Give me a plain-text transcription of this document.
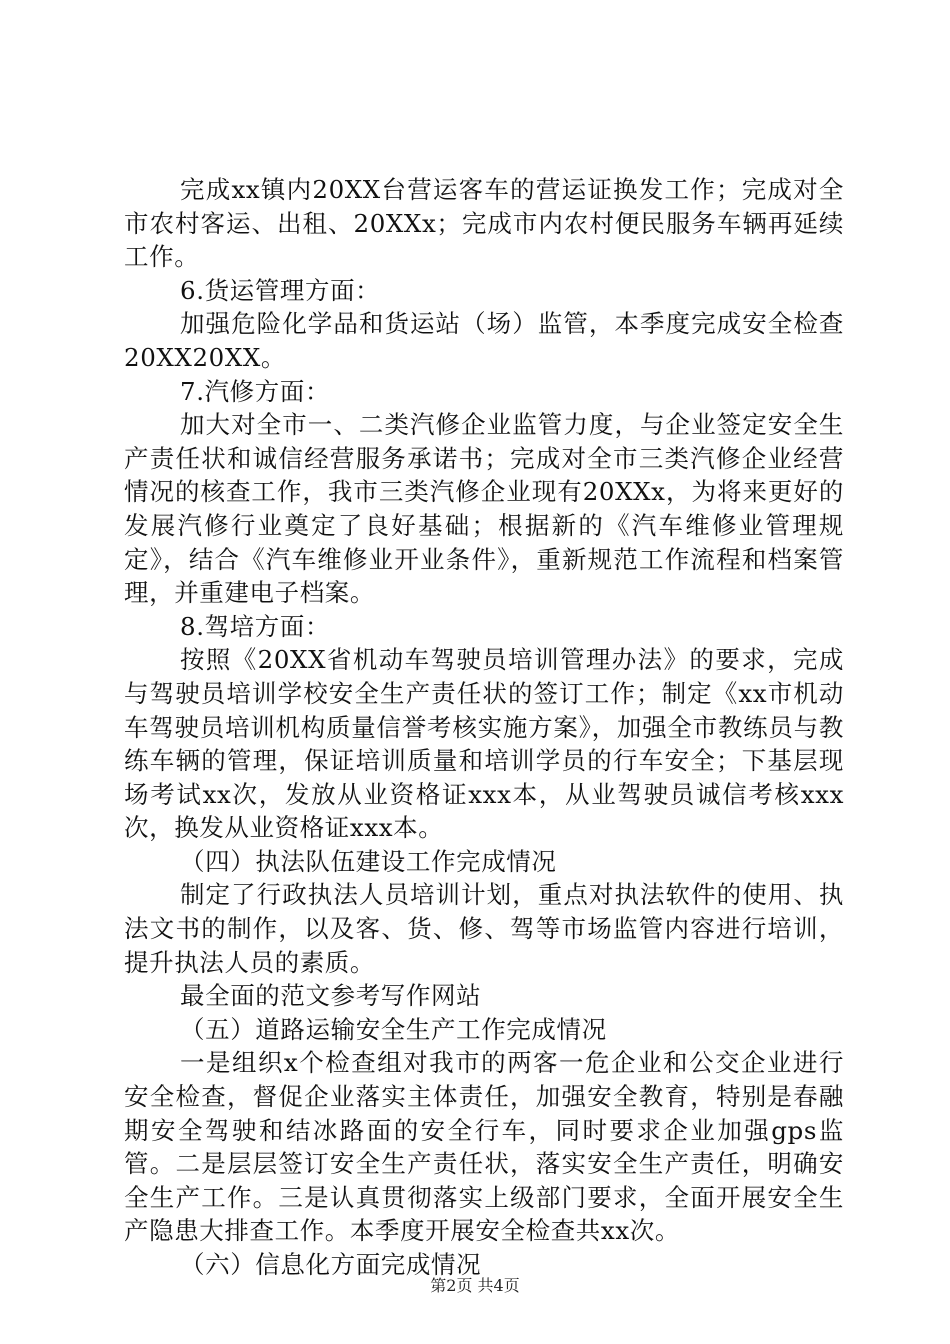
完成xx镇内20XX台营运客车的营运证换发工作；完成对全市农村客运、出租、20XXx；完成市内农村便民服务车辆再延续工作。

6.货运管理方面：

加强危险化学品和货运站（场）监管，本季度完成安全检查20XX20XX。

7.汽修方面：

加大对全市一、二类汽修企业监管力度，与企业签定安全生产责任状和诚信经营服务承诺书；完成对全市三类汽修企业经营情况的核查工作，我市三类汽修企业现有20XXx，为将来更好的发展汽修行业奠定了良好基础；根据新的《汽车维修业管理规定》，结合《汽车维修业开业条件》，重新规范工作流程和档案管理，并重建电子档案。

8.驾培方面：

按照《20XX省机动车驾驶员培训管理办法》的要求，完成与驾驶员培训学校安全生产责任状的签订工作；制定《xx市机动车驾驶员培训机构质量信誉考核实施方案》，加强全市教练员与教练车辆的管理，保证培训质量和培训学员的行车安全；下基层现场考试xx次，发放从业资格证xxx本，从业驾驶员诚信考核xxx次，换发从业资格证xxx本。

（四）执法队伍建设工作完成情况

制定了行政执法人员培训计划，重点对执法软件的使用、执法文书的制作，以及客、货、修、驾等市场监管内容进行培训，提升执法人员的素质。

最全面的范文参考写作网站

（五）道路运输安全生产工作完成情况

一是组织x个检查组对我市的两客一危企业和公交企业进行安全检查，督促企业落实主体责任，加强安全教育，特别是春融期安全驾驶和结冰路面的安全行车，同时要求企业加强gps监管。二是层层签订安全生产责任状，落实安全生产责任，明确安全生产工作。三是认真贯彻落实上级部门要求，全面开展安全生产隐患大排查工作。本季度开展安全检查共xx次。

（六）信息化方面完成情况

第2页 共4页
